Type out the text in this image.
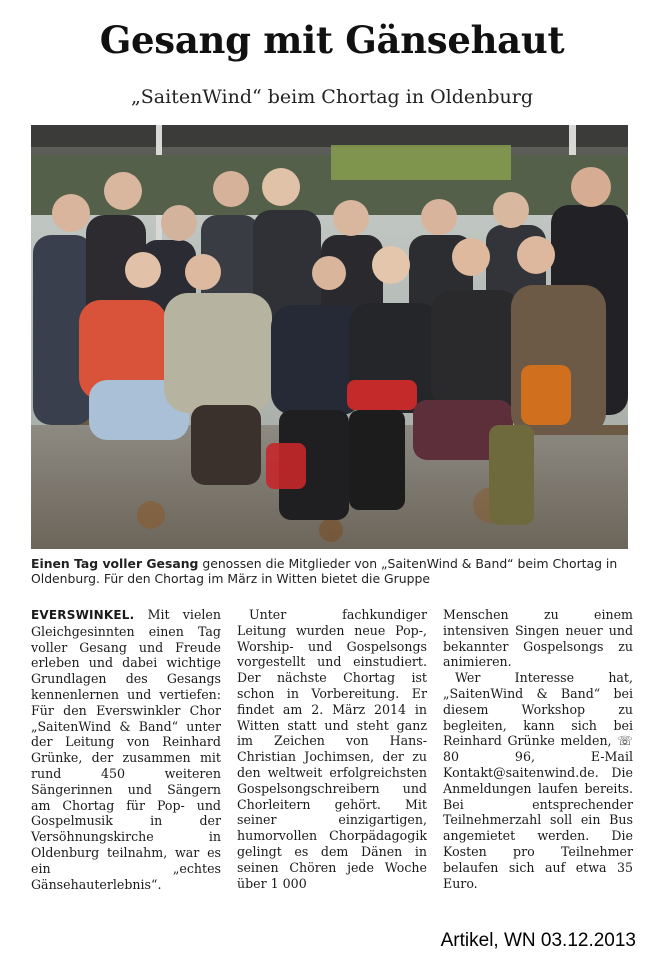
Gesang mit Gänsehaut
„SaitenWind“ beim Chortag in Oldenburg
Einen Tag voller Gesang genossen die Mitglieder von „SaitenWind & Band“ beim Chortag in Oldenburg. Für den Chortag im März in Witten bietet die Gruppe

EVERSWINKEL. Mit vielen Gleichgesinnten einen Tag voller Gesang und Freude erleben und dabei wichtige Grundlagen des Gesangs kennenlernen und vertiefen: Für den Everswinkler Chor „SaitenWind & Band“ unter der Leitung von Reinhard Grünke, der zusammen mit rund 450 weiteren Sängerinnen und Sängern am Chortag für Pop- und Gospelmusik in der Versöhnungskirche in Oldenburg teilnahm, war es ein „echtes Gänsehauterlebnis“.

Unter fachkundiger Leitung wurden neue Pop-, Worship- und Gospelsongs vorgestellt und einstudiert. Der nächste Chortag ist schon in Vorbereitung. Er findet am 2. März 2014 in Witten statt und steht ganz im Zeichen von Hans-Christian Jochimsen, der zu den weltweit erfolgreichsten Gospelsongschreibern und Chorleitern gehört. Mit seiner einzigartigen, humorvollen Chorpädagogik gelingt es dem Dänen in seinen Chören jede Woche über 1 000

Menschen zu einem intensiven Singen neuer und bekannter Gospelsongs zu animieren.

Wer Interesse hat, „SaitenWind & Band“ bei diesem Workshop zu begleiten, kann sich bei Reinhard Grünke melden, ☏ 80 96, E-Mail Kontakt@saitenwind.de. Die Anmeldungen laufen bereits. Bei entsprechender Teilnehmerzahl soll ein Bus angemietet werden. Die Kosten pro Teilnehmer belaufen sich auf etwa 35 Euro.

Artikel, WN 03.12.2013
